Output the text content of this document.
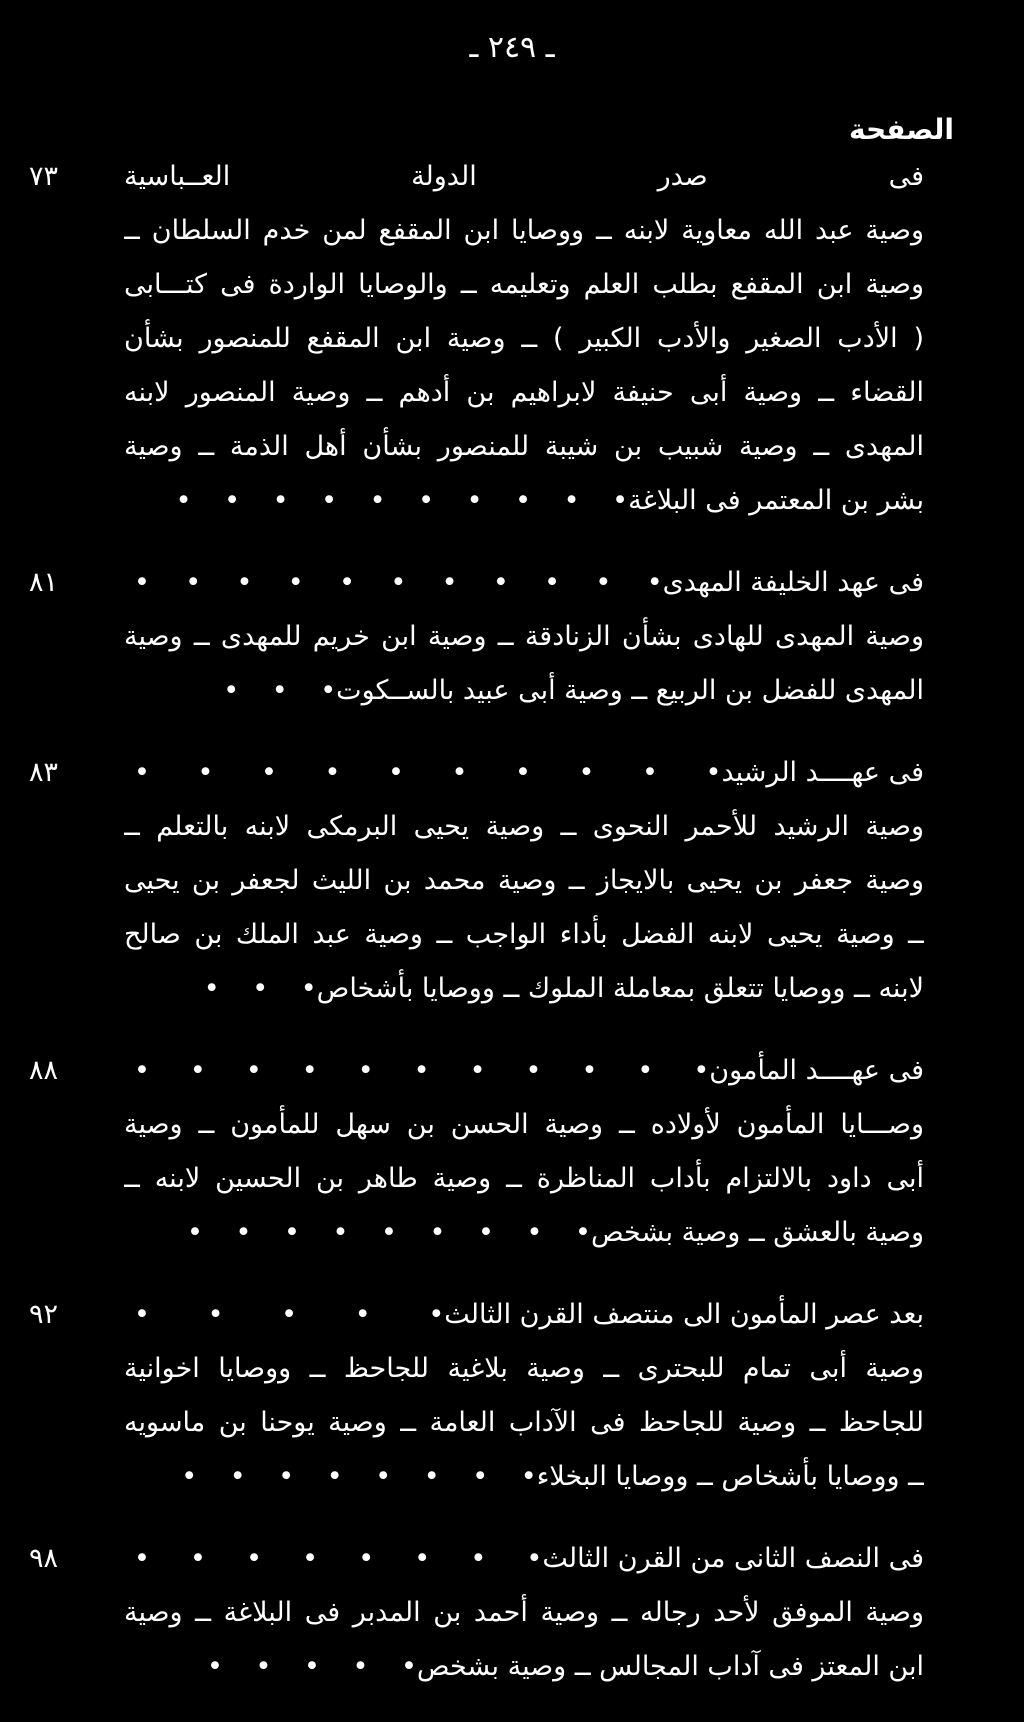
ـ ٢٤٩ ـ
الصفحة
فى صدر الدولة العــباسية
وصية عبد الله معاوية لابنه ــ ووصايا ابن المقفع لمن خدم السلطان ــ
وصية ابن المقفع بطلب العلم وتعليمه ــ والوصايا الواردة فى كتـــابى
( الأدب الصغير والأدب الكبير ) ــ وصية ابن المقفع للمنصور بشأن
القضاء ــ وصية أبى حنيفة لابراهيم بن أدهم ــ وصية المنصور لابنه
المهدى ــ وصية شبيب بن شيبة للمنصور بشأن أهل الذمة ــ وصية
بشر بن المعتمر فى البلاغة
• • • • • • • • • •
٧٣
فى عهد الخليفة المهدى
• • • • • • • • • • •
وصية المهدى للهادى بشأن الزنادقة ــ وصية ابن خريم للمهدى ــ وصية
المهدى للفضل بن الربيع ــ وصية أبى عبيد بالســكوت
• • •
٨١
فى عهــــد الرشيد
• • • • • • • • • •
وصية الرشيد للأحمر النحوى ــ وصية يحيى البرمكى لابنه بالتعلم ــ
وصية جعفر بن يحيى بالايجاز ــ وصية محمد بن الليث لجعفر بن يحيى
ــ وصية يحيى لابنه الفضل بأداء الواجب ــ وصية عبد الملك بن صالح
لابنه ــ ووصايا تتعلق بمعاملة الملوك ــ ووصايا بأشخاص
• • •
٨٣
فى عهــــد المأمون
• • • • • • • • • • •
وصـــايا المأمون لأولاده ــ وصية الحسن بن سهل للمأمون ــ وصية
أبى داود بالالتزام بأداب المناظرة ــ وصية طاهر بن الحسين لابنه ــ
وصية بالعشق ــ وصية بشخص
• • • • • • • • •
٨٨
بعد عصر المأمون الى منتصف القرن الثالث
• • • • •
وصية أبى تمام للبحترى ــ وصية بلاغية للجاحظ ــ ووصايا اخوانية
للجاحظ ــ وصية للجاحظ فى الآداب العامة ــ وصية يوحنا بن ماسويه
ــ ووصايا بأشخاص ــ ووصايا البخلاء
• • • • • • • •
٩٢
فى النصف الثانى من القرن الثالث
• • • • • • • •
وصية الموفق لأحد رجاله ــ وصية أحمد بن المدبر فى البلاغة ــ وصية
ابن المعتز فى آداب المجالس ــ وصية بشخص
• • • • •
٩٨
